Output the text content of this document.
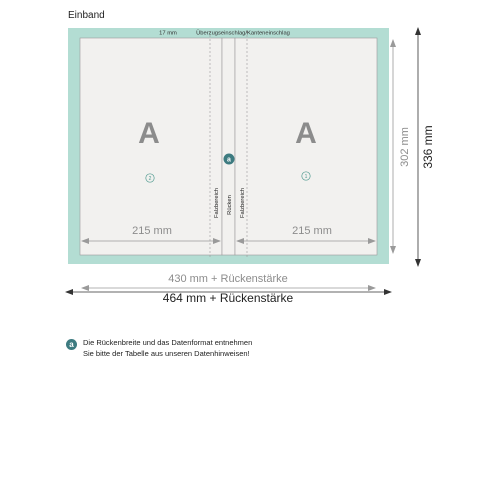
Einband
17 mm	Überzugseinschlag/Kanteneinschlag
A	A
2	1
a
Falzbereich Rücken Falzbereich
215 mm	215 mm
302 mm 336 mm
430 mm + Rückenstärke
464 mm + Rückenstärke
a	Die Rückenbreite und das Datenformat entnehmen
Sie bitte der Tabelle aus unseren Datenhinweisen!
